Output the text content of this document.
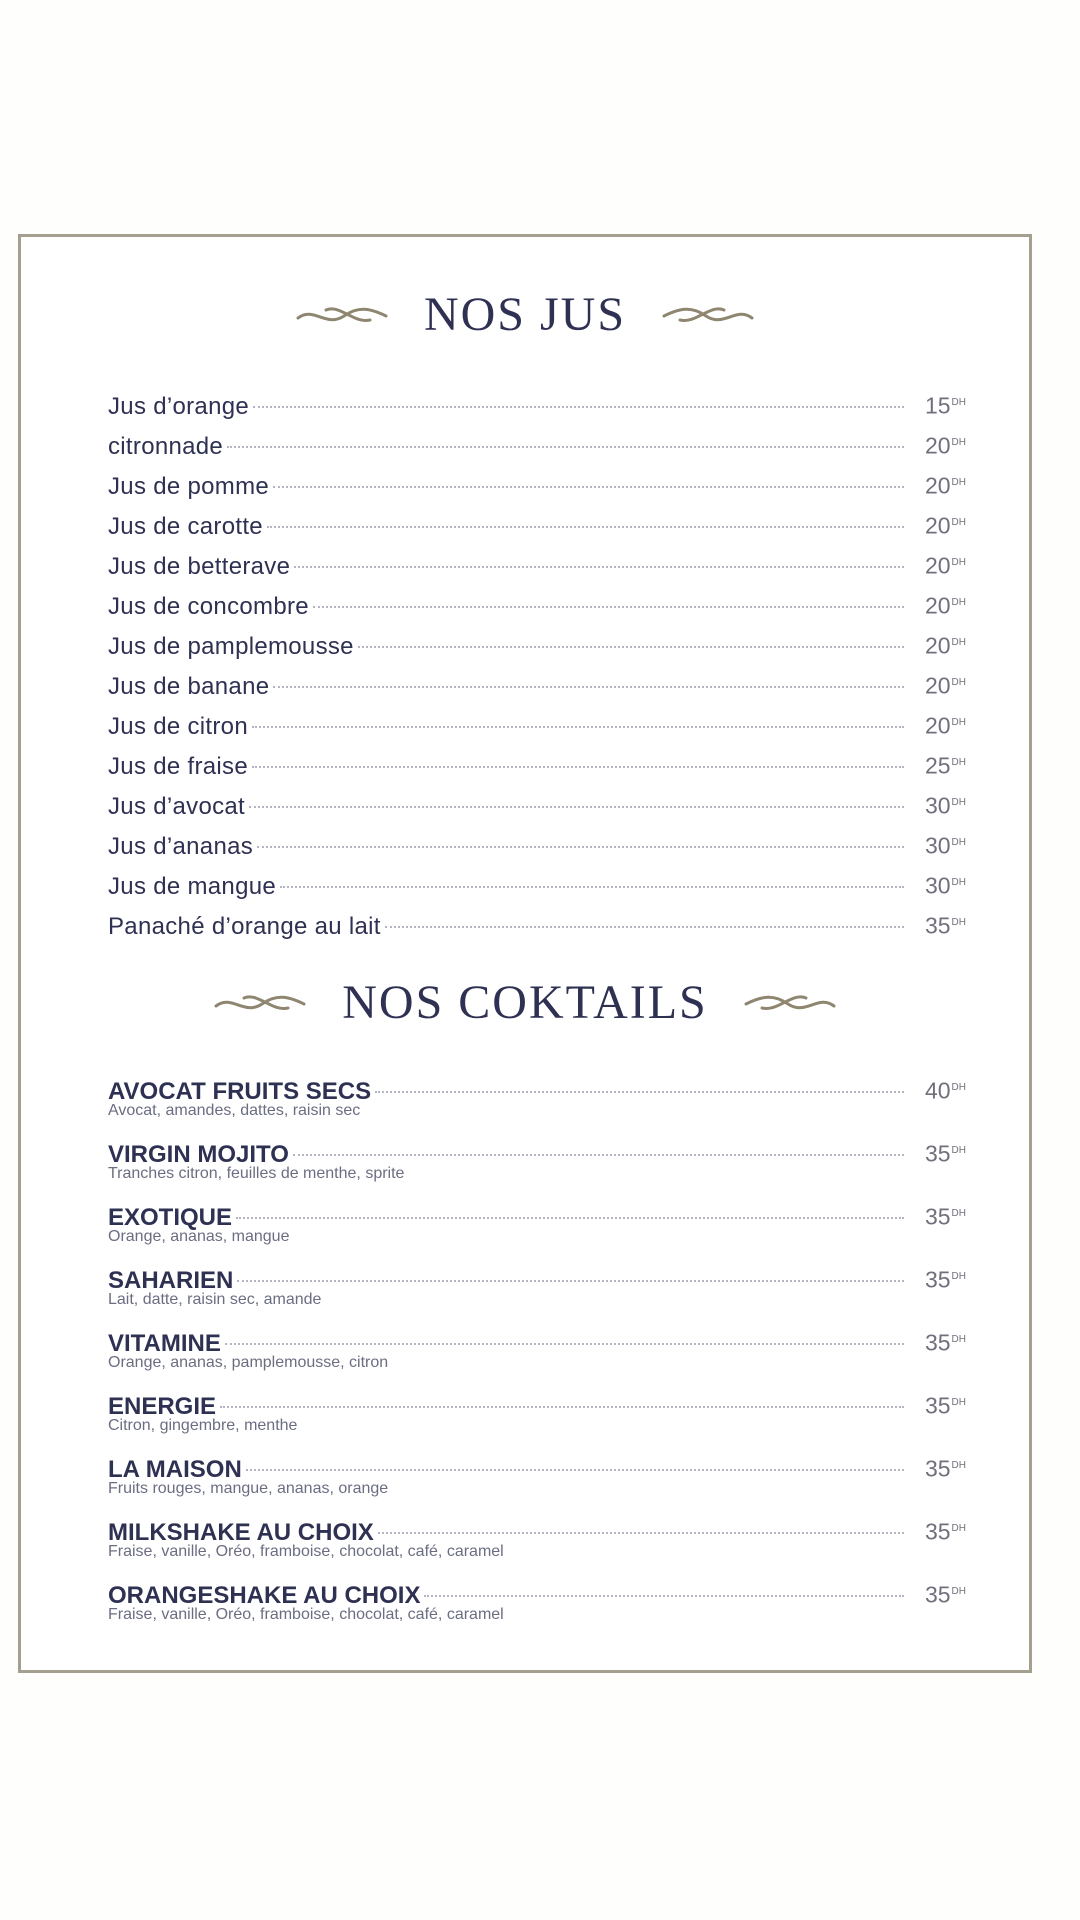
NOS JUS
Jus d’orange	$15^{DH}$
citronnade	$20^{DH}$
Jus de pomme	$20^{DH}$
Jus de carotte	$20^{DH}$
Jus de betterave	$20^{DH}$
Jus de concombre	$20^{DH}$
Jus de pamplemousse	$20^{DH}$
Jus de banane	$20^{DH}$
Jus de citron	$20^{DH}$
Jus de fraise	$25^{DH}$
Jus d’avocat	$30^{DH}$
Jus d’ananas	$30^{DH}$
Jus de mangue	$30^{DH}$
Panaché d’orange au lait	$35^{DH}$
NOS COKTAILS
AVOCAT FRUITS SECS	$40^{DH}$
Avocat, amandes, dattes, raisin sec
VIRGIN MOJITO	$35^{DH}$
Tranches citron, feuilles de menthe, sprite
EXOTIQUE	$35^{DH}$
Orange, ananas, mangue
SAHARIEN	$35^{DH}$
Lait, datte, raisin sec, amande
VITAMINE	$35^{DH}$
Orange, ananas, pamplemousse, citron
ENERGIE	$35^{DH}$
Citron, gingembre, menthe
LA MAISON	$35^{DH}$
Fruits rouges, mangue, ananas, orange
MILKSHAKE AU CHOIX	$35^{DH}$
Fraise, vanille, Oréo, framboise, chocolat, café, caramel
ORANGESHAKE AU CHOIX	$35^{DH}$
Fraise, vanille, Oréo, framboise, chocolat, café, caramel
